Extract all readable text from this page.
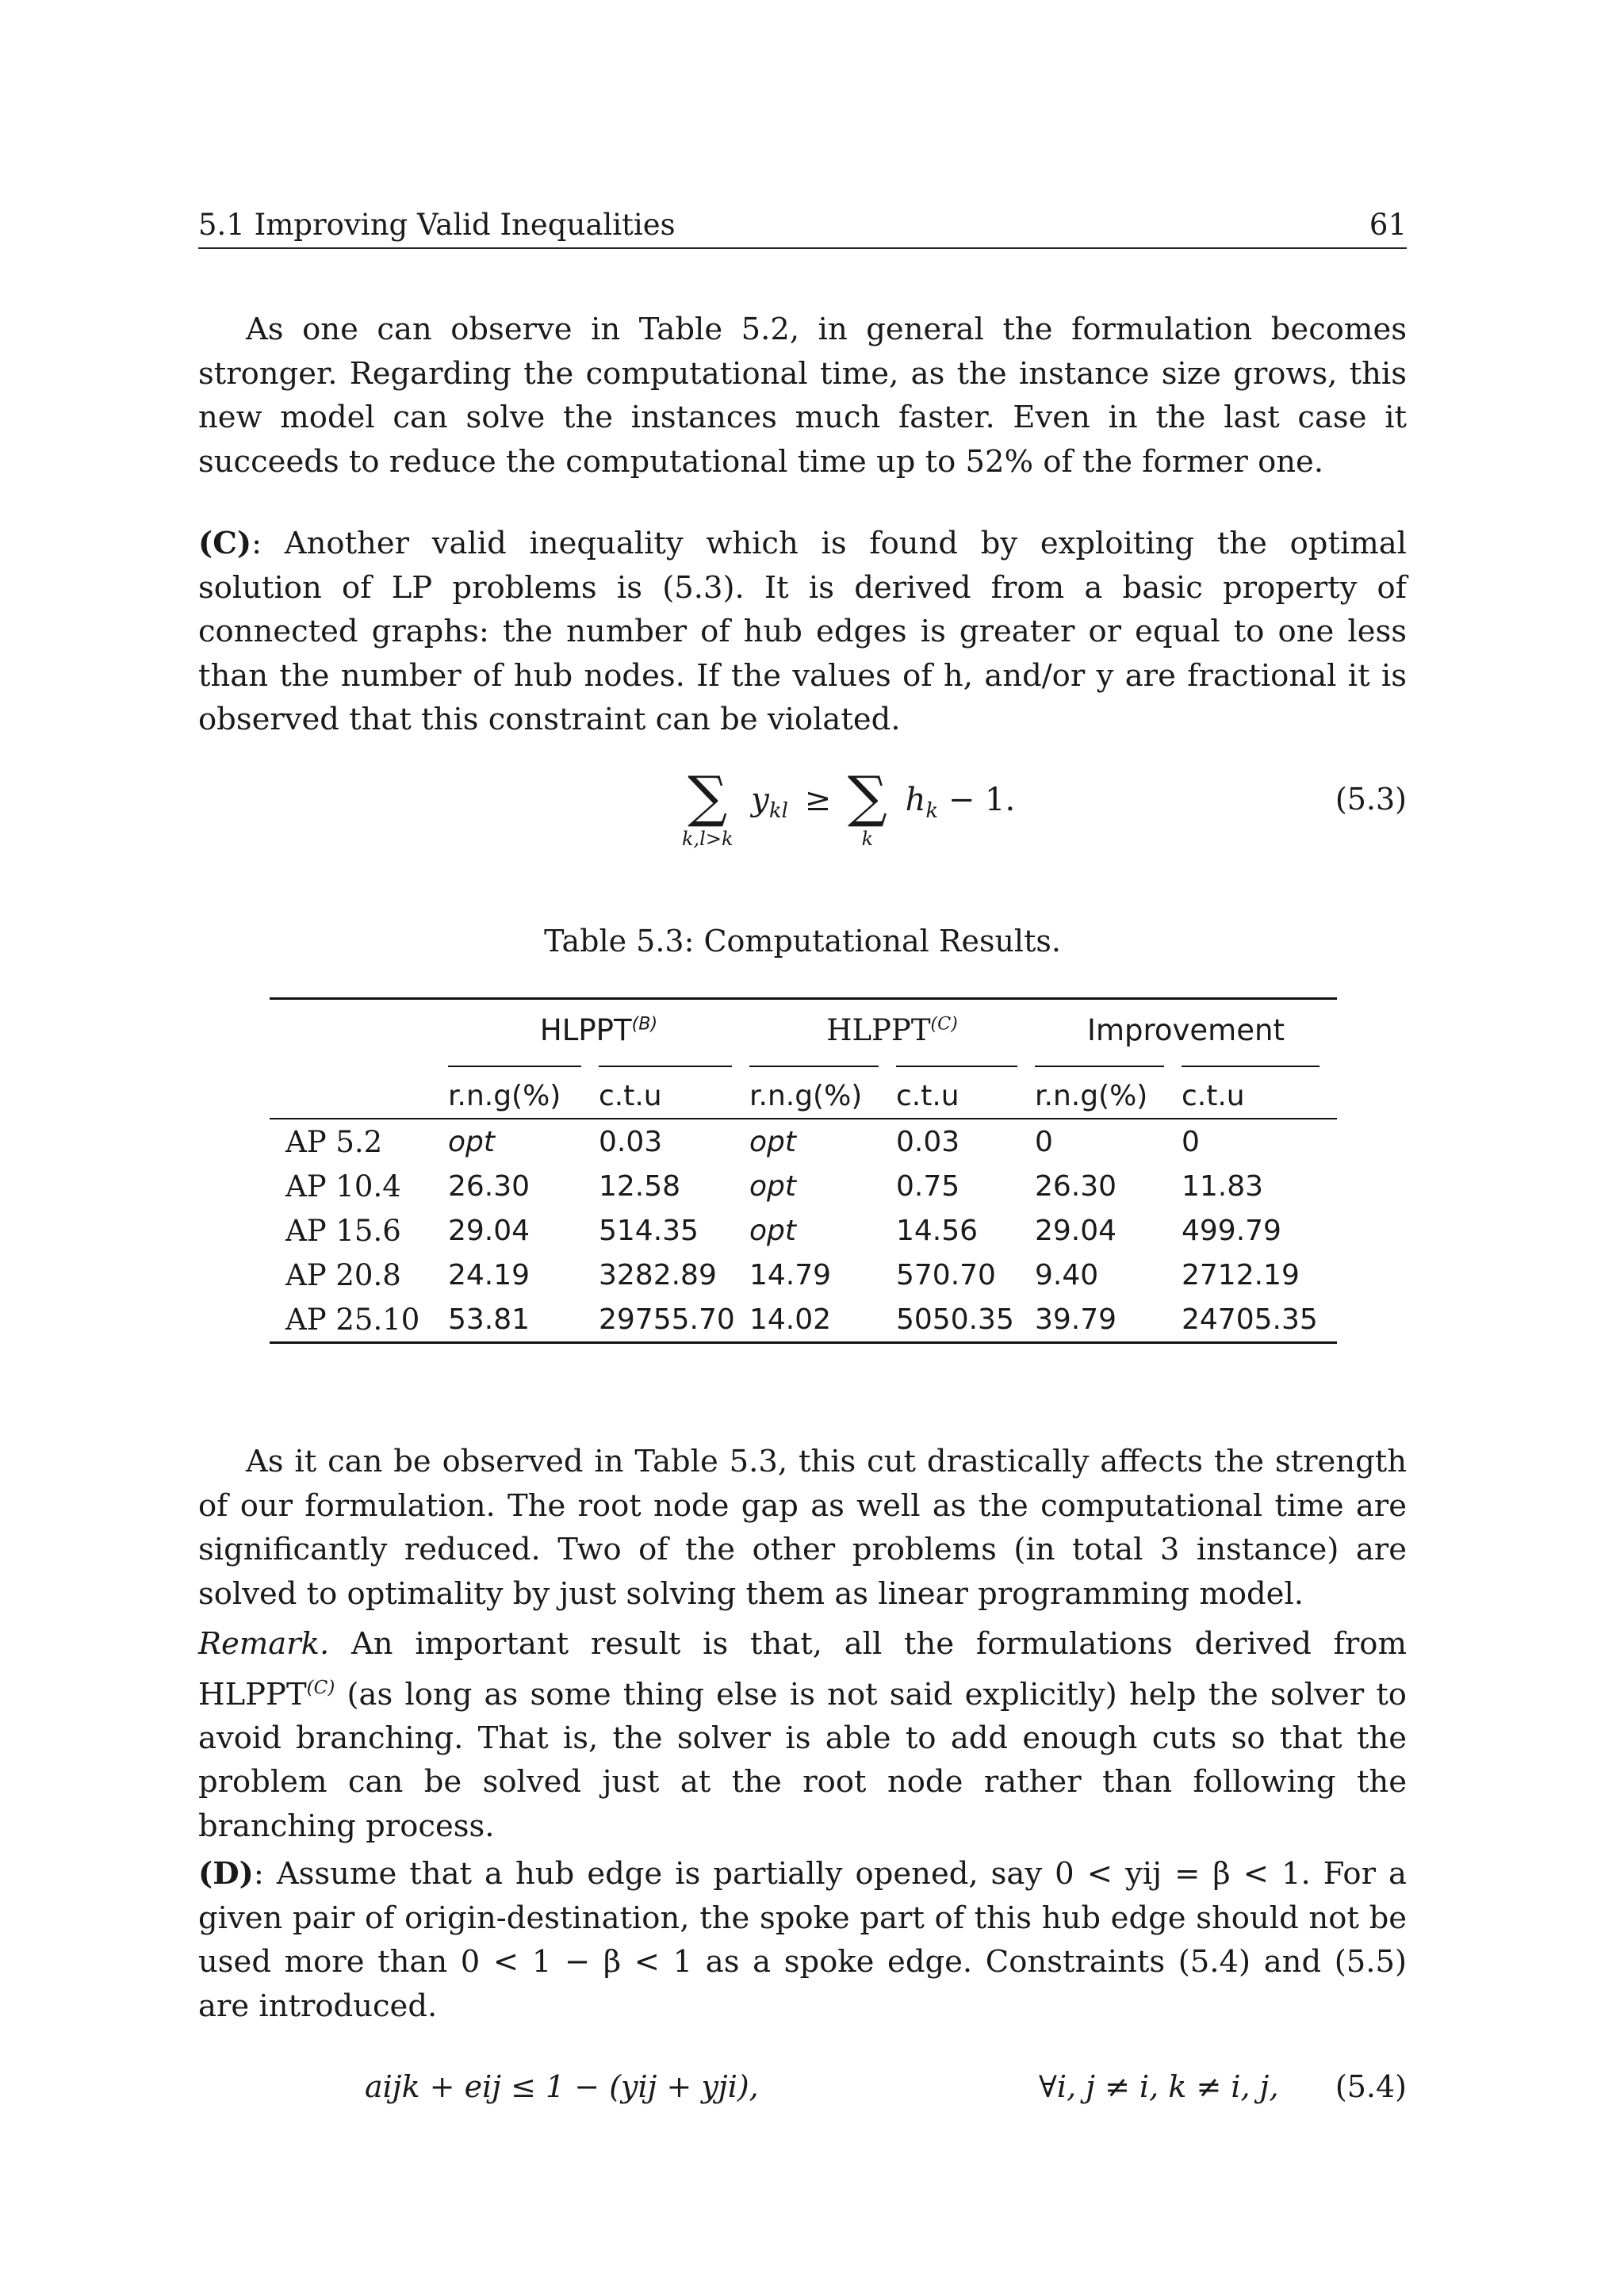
5.1 Improving Valid Inequalities	61

As one can observe in Table 5.2, in general the formulation becomes stronger. Regarding the computational time, as the instance size grows, this new model can solve the instances much faster. Even in the last case it succeeds to reduce the computational time up to 52% of the former one.

(C): Another valid inequality which is found by exploiting the optimal solution of LP problems is (5.3). It is derived from a basic property of connected graphs: the number of hub edges is greater or equal to one less than the number of hub nodes. If the values of h, and/or y are fractional it is observed that this constraint can be violated.

∑
k,l>k
$y_{kl}$ ≥ ∑
k
$h_k - 1$.	(5.3)
Table 5.3: Computational Results.
	$HLPPT^{(B)}$		$HLPPT^{(C)}$		Improvement	

	r.n.g(%)	c.t.u	r.n.g(%)	c.t.u	r.n.g(%)	c.t.u

AP 5.2	opt	0.03	opt	0.03	0	0
AP 10.4	26.30	12.58	opt	0.75	26.30	11.83
AP 15.6	29.04	514.35	opt	14.56	29.04	499.79
AP 20.8	24.19	3282.89	14.79	570.70	9.40	2712.19
AP 25.10	53.81	29755.70	14.02	5050.35	39.79	24705.35

As it can be observed in Table 5.3, this cut drastically affects the strength of our formulation. The root node gap as well as the computational time are significantly reduced. Two of the other problems (in total 3 instance) are solved to optimality by just solving them as linear programming model.

Remark. An important result is that, all the formulations derived from $HLPPT^{(C)}$ (as long as some thing else is not said explicitly) help the solver to avoid branching. That is, the solver is able to add enough cuts so that the problem can be solved just at the root node rather than following the branching process.

(D): Assume that a hub edge is partially opened, say 0 < yij = β < 1. For a given pair of origin-destination, the spoke part of this hub edge should not be used more than 0 < 1 − β < 1 as a spoke edge. Constraints (5.4) and (5.5) are introduced.

aijk + eij ≤ 1 − (yij + yji),	∀i, j ≠ i, k ≠ i, j, (5.4)
